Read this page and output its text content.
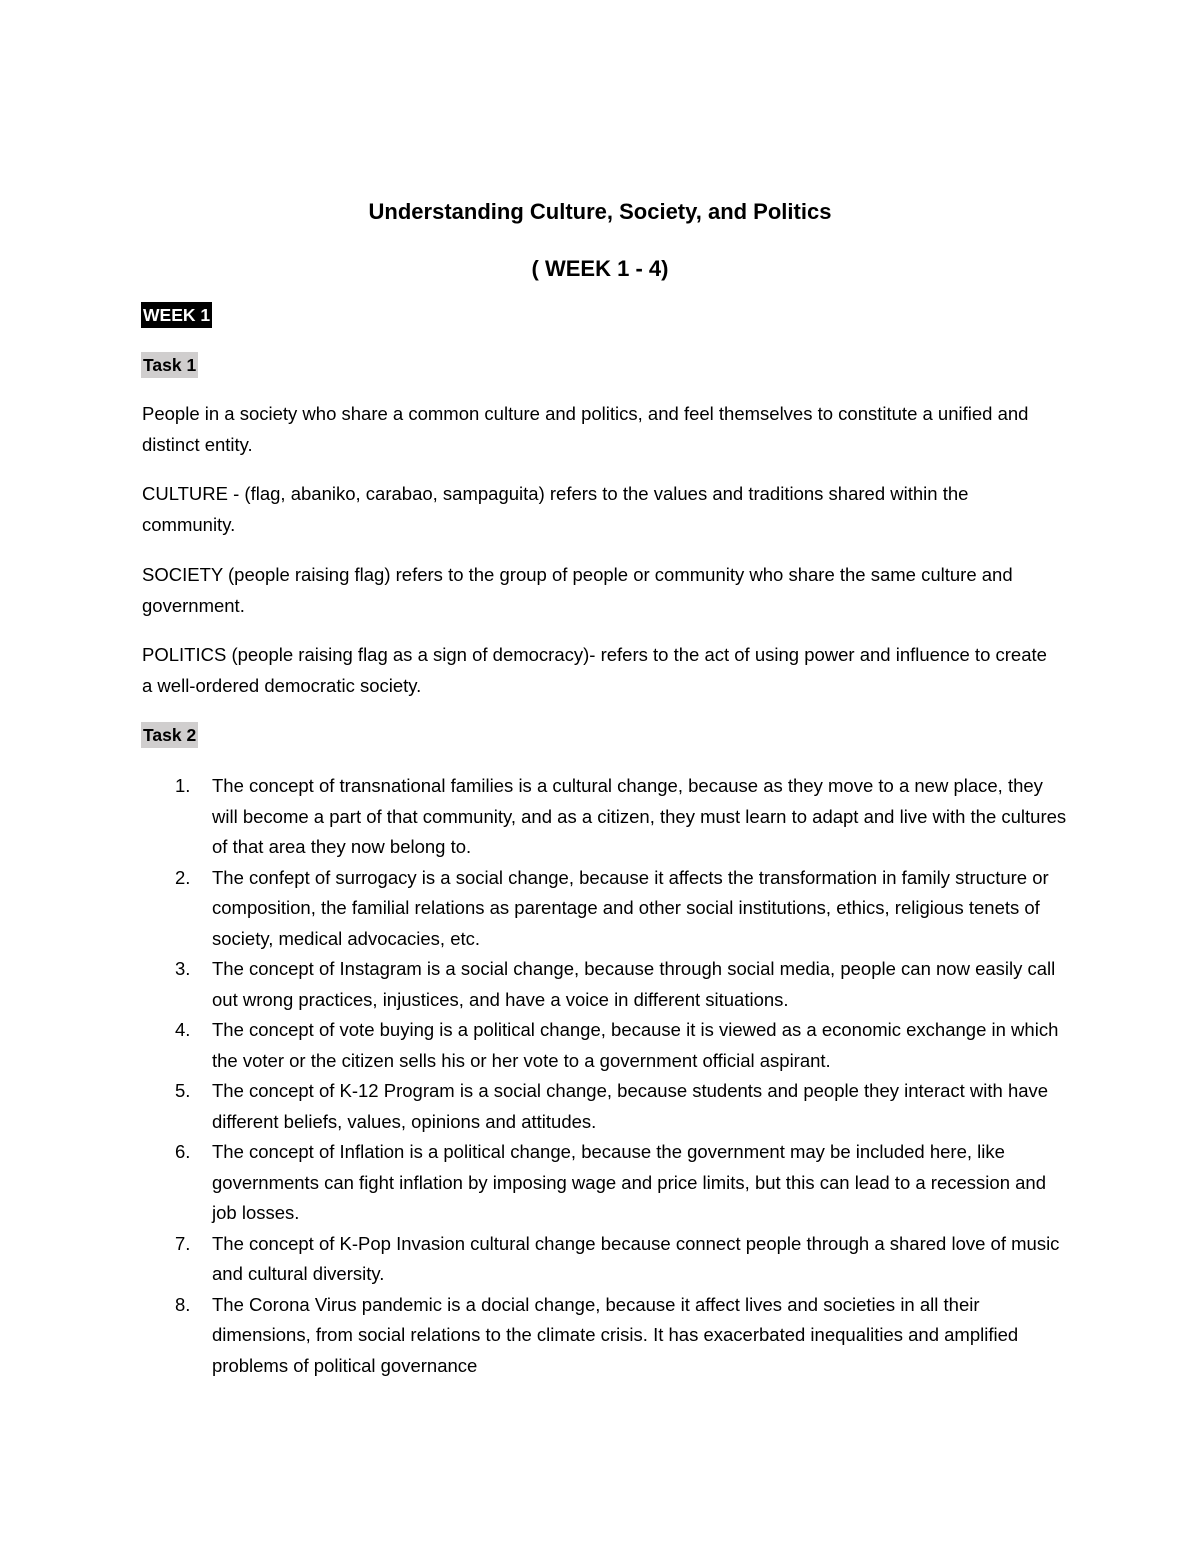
Understanding Culture, Society, and Politics
( WEEK 1 - 4)
WEEK 1
Task 1

People in a society who share a common culture and politics, and feel themselves to constitute a unified and distinct entity.

CULTURE - (flag, abaniko, carabao, sampaguita) refers to the values and traditions shared within the community.

SOCIETY (people raising flag) refers to the group of people or community who share the same culture and government.

POLITICS (people raising flag as a sign of democracy)- refers to the act of using power and influence to create a well-ordered democratic society.

Task 2
1. The concept of transnational families is a cultural change, because as they move to a new place, they will become a part of that community, and as a citizen, they must learn to adapt and live with the cultures of that area they now belong to.
2. The confept of surrogacy is a social change, because it affects the transformation in family structure or composition, the familial relations as parentage and other social institutions, ethics, religious tenets of society, medical advocacies, etc.
3. The concept of Instagram is a social change, because through social media, people can now easily call out wrong practices, injustices, and have a voice in different situations.
4. The concept of vote buying is a political change, because it is viewed as a economic exchange in which the voter or the citizen sells his or her vote to a government official aspirant.
5. The concept of K-12 Program is a social change, because students and people they interact with have different beliefs, values, opinions and attitudes.
6. The concept of Inflation is a political change, because the government may be included here, like governments can fight inflation by imposing wage and price limits, but this can lead to a recession and job losses.
7. The concept of K-Pop Invasion cultural change because connect people through a shared love of music and cultural diversity.
8. The Corona Virus pandemic is a docial change, because it affect lives and societies in all their dimensions, from social relations to the climate crisis. It has exacerbated inequalities and amplified problems of political governance
